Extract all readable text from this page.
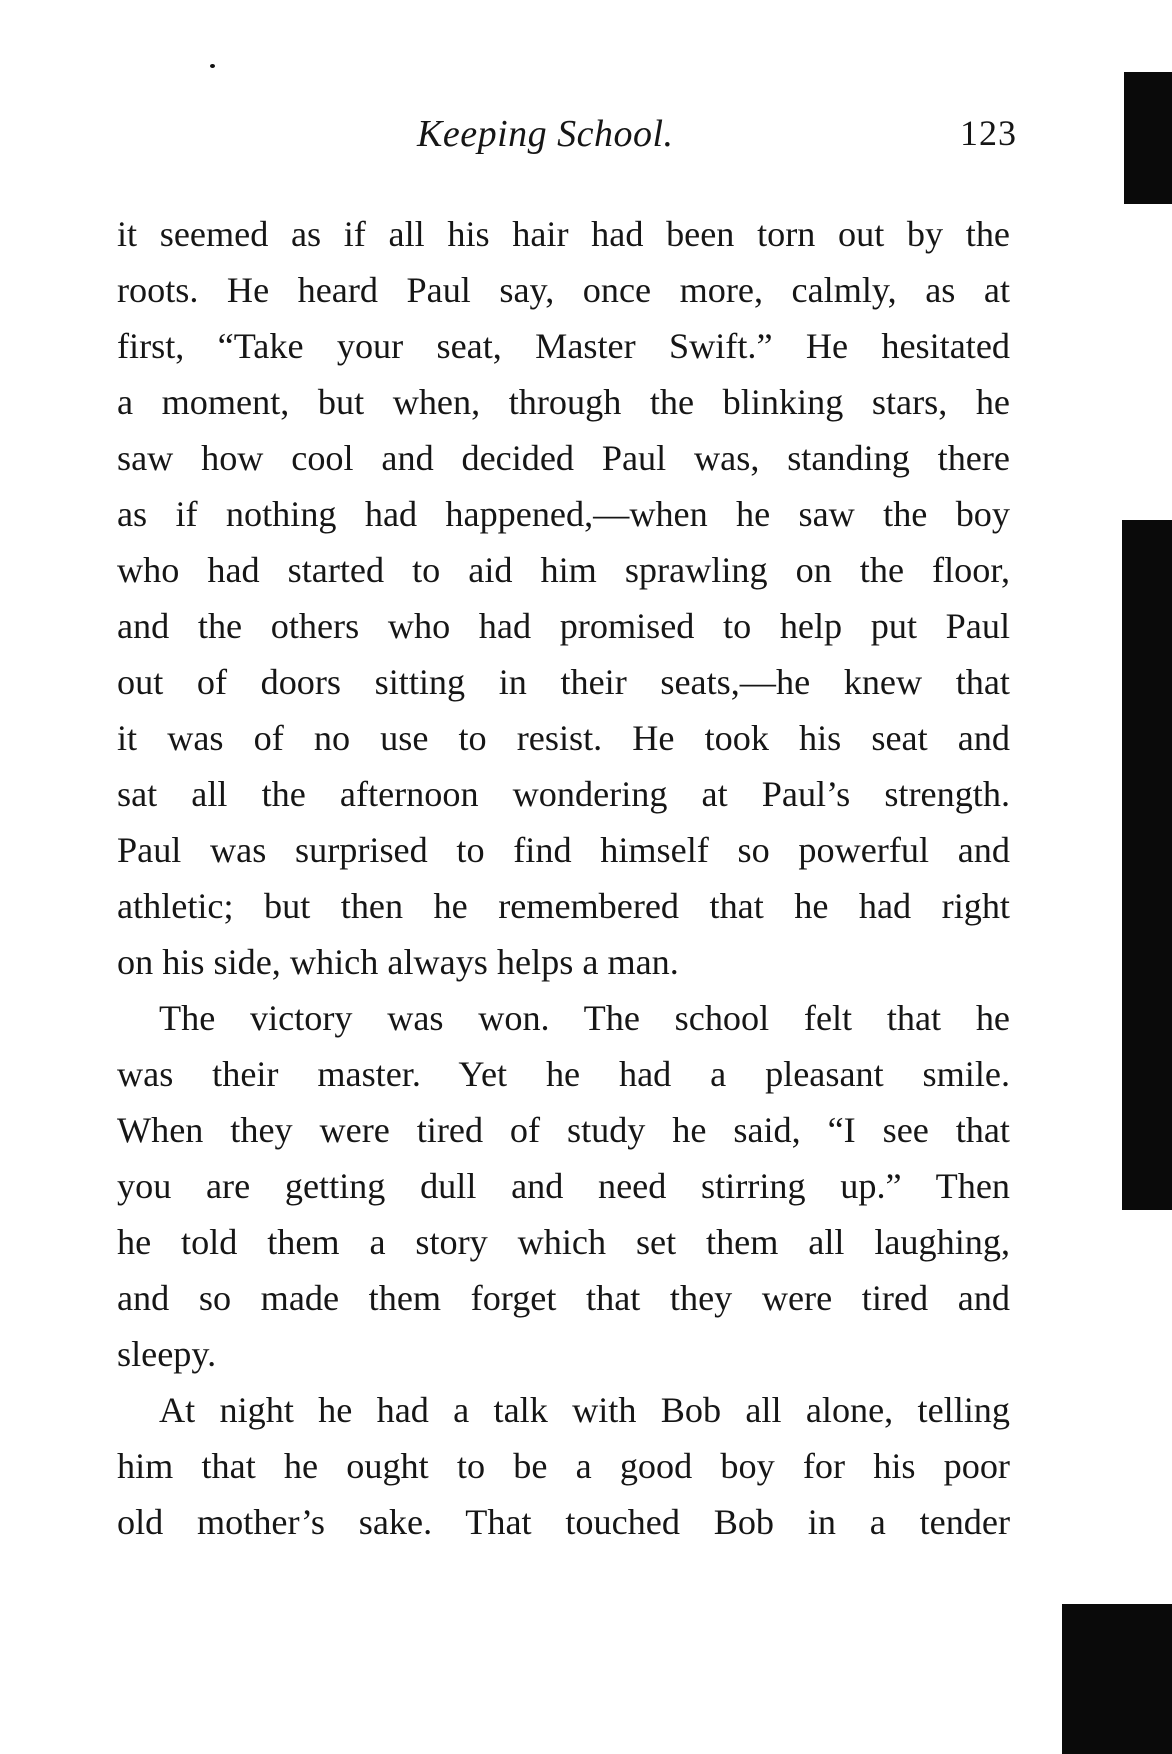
Keeping School.	123

it seemed as if all his hair had been torn out by the
roots. He heard Paul say, once more, calmly, as at
first, “Take your seat, Master Swift.” He hesitated
a moment, but when, through the blinking stars, he
saw how cool and decided Paul was, standing there
as if nothing had happened,—when he saw the boy
who had started to aid him sprawling on the floor,
and the others who had promised to help put Paul
out of doors sitting in their seats,—he knew that
it was of no use to resist. He took his seat and
sat all the afternoon wondering at Paul’s strength.
Paul was surprised to find himself so powerful and
athletic; but then he remembered that he had right
on his side, which always helps a man.

The victory was won. The school felt that he
was their master. Yet he had a pleasant smile.
When they were tired of study he said, “I see that
you are getting dull and need stirring up.” Then
he told them a story which set them all laughing,
and so made them forget that they were tired and
sleepy.

At night he had a talk with Bob all alone, telling
him that he ought to be a good boy for his poor
old mother’s sake. That touched Bob in a tender
